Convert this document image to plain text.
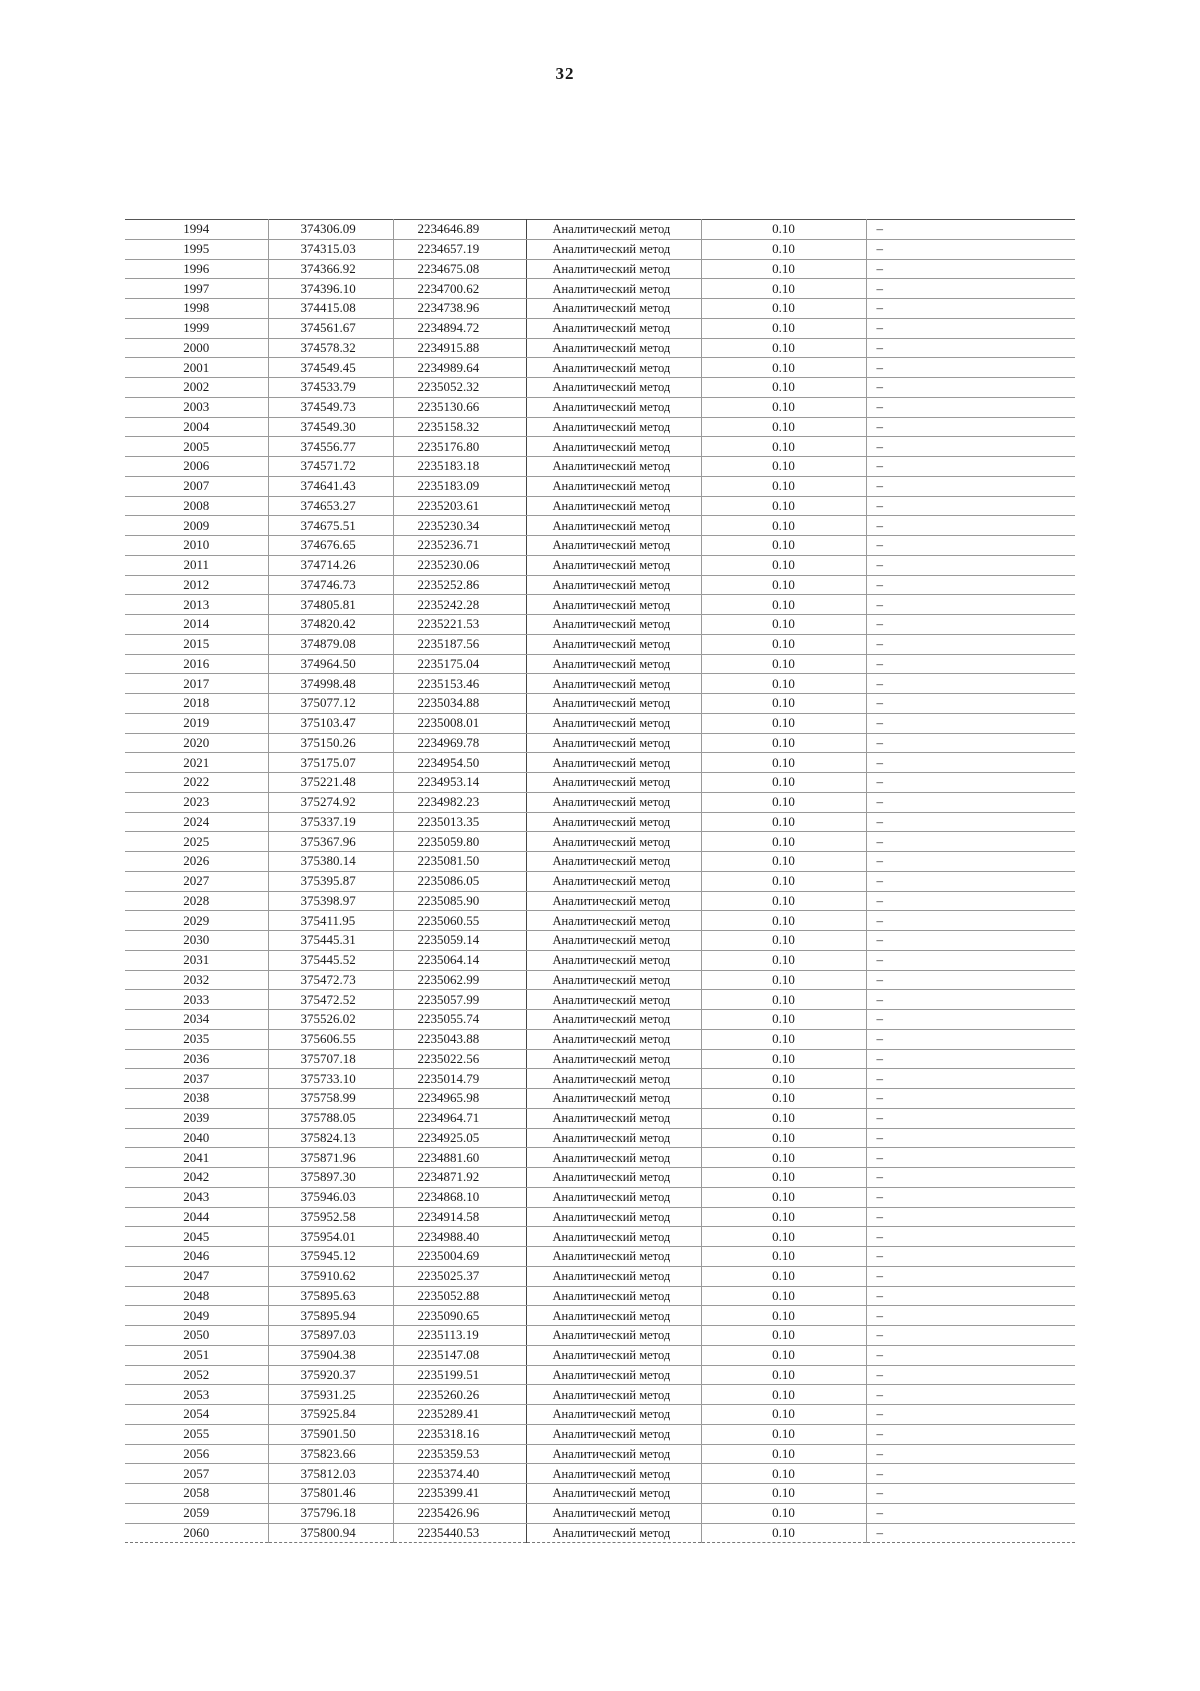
32
1994	374306.09	2234646.89	Аналитический метод	0.10	–
1995	374315.03	2234657.19	Аналитический метод	0.10	–
1996	374366.92	2234675.08	Аналитический метод	0.10	–
1997	374396.10	2234700.62	Аналитический метод	0.10	–
1998	374415.08	2234738.96	Аналитический метод	0.10	–
1999	374561.67	2234894.72	Аналитический метод	0.10	–
2000	374578.32	2234915.88	Аналитический метод	0.10	–
2001	374549.45	2234989.64	Аналитический метод	0.10	–
2002	374533.79	2235052.32	Аналитический метод	0.10	–
2003	374549.73	2235130.66	Аналитический метод	0.10	–
2004	374549.30	2235158.32	Аналитический метод	0.10	–
2005	374556.77	2235176.80	Аналитический метод	0.10	–
2006	374571.72	2235183.18	Аналитический метод	0.10	–
2007	374641.43	2235183.09	Аналитический метод	0.10	–
2008	374653.27	2235203.61	Аналитический метод	0.10	–
2009	374675.51	2235230.34	Аналитический метод	0.10	–
2010	374676.65	2235236.71	Аналитический метод	0.10	–
2011	374714.26	2235230.06	Аналитический метод	0.10	–
2012	374746.73	2235252.86	Аналитический метод	0.10	–
2013	374805.81	2235242.28	Аналитический метод	0.10	–
2014	374820.42	2235221.53	Аналитический метод	0.10	–
2015	374879.08	2235187.56	Аналитический метод	0.10	–
2016	374964.50	2235175.04	Аналитический метод	0.10	–
2017	374998.48	2235153.46	Аналитический метод	0.10	–
2018	375077.12	2235034.88	Аналитический метод	0.10	–
2019	375103.47	2235008.01	Аналитический метод	0.10	–
2020	375150.26	2234969.78	Аналитический метод	0.10	–
2021	375175.07	2234954.50	Аналитический метод	0.10	–
2022	375221.48	2234953.14	Аналитический метод	0.10	–
2023	375274.92	2234982.23	Аналитический метод	0.10	–
2024	375337.19	2235013.35	Аналитический метод	0.10	–
2025	375367.96	2235059.80	Аналитический метод	0.10	–
2026	375380.14	2235081.50	Аналитический метод	0.10	–
2027	375395.87	2235086.05	Аналитический метод	0.10	–
2028	375398.97	2235085.90	Аналитический метод	0.10	–
2029	375411.95	2235060.55	Аналитический метод	0.10	–
2030	375445.31	2235059.14	Аналитический метод	0.10	–
2031	375445.52	2235064.14	Аналитический метод	0.10	–
2032	375472.73	2235062.99	Аналитический метод	0.10	–
2033	375472.52	2235057.99	Аналитический метод	0.10	–
2034	375526.02	2235055.74	Аналитический метод	0.10	–
2035	375606.55	2235043.88	Аналитический метод	0.10	–
2036	375707.18	2235022.56	Аналитический метод	0.10	–
2037	375733.10	2235014.79	Аналитический метод	0.10	–
2038	375758.99	2234965.98	Аналитический метод	0.10	–
2039	375788.05	2234964.71	Аналитический метод	0.10	–
2040	375824.13	2234925.05	Аналитический метод	0.10	–
2041	375871.96	2234881.60	Аналитический метод	0.10	–
2042	375897.30	2234871.92	Аналитический метод	0.10	–
2043	375946.03	2234868.10	Аналитический метод	0.10	–
2044	375952.58	2234914.58	Аналитический метод	0.10	–
2045	375954.01	2234988.40	Аналитический метод	0.10	–
2046	375945.12	2235004.69	Аналитический метод	0.10	–
2047	375910.62	2235025.37	Аналитический метод	0.10	–
2048	375895.63	2235052.88	Аналитический метод	0.10	–
2049	375895.94	2235090.65	Аналитический метод	0.10	–
2050	375897.03	2235113.19	Аналитический метод	0.10	–
2051	375904.38	2235147.08	Аналитический метод	0.10	–
2052	375920.37	2235199.51	Аналитический метод	0.10	–
2053	375931.25	2235260.26	Аналитический метод	0.10	–
2054	375925.84	2235289.41	Аналитический метод	0.10	–
2055	375901.50	2235318.16	Аналитический метод	0.10	–
2056	375823.66	2235359.53	Аналитический метод	0.10	–
2057	375812.03	2235374.40	Аналитический метод	0.10	–
2058	375801.46	2235399.41	Аналитический метод	0.10	–
2059	375796.18	2235426.96	Аналитический метод	0.10	–
2060	375800.94	2235440.53	Аналитический метод	0.10	–
